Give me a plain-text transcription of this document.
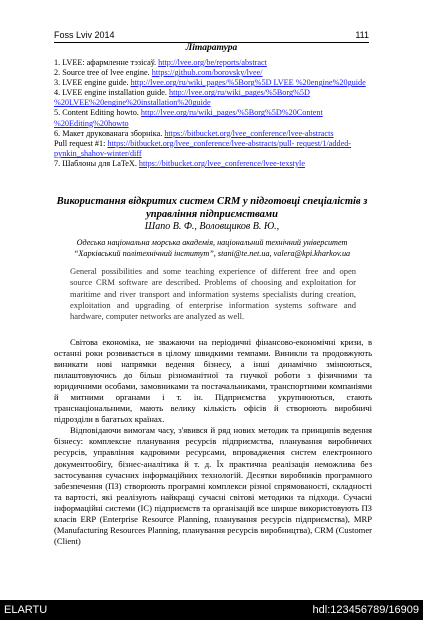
Foss Lviv 2014	111
Літаратура

1. LVEE: афармленне тэзісаў. http://lvee.org/be/reports/abstract

2. Source tree of lvee engine. https://github.com/borovsky/lvee/

3. LVEE engine guide. http://lvee.org/ru/wiki_pages/%5Borg%5D LVEE %20engine%20guide

4. LVEE engine installation guide. http://lvee.org/ru/wiki_pages/%5Borg%5D %20LVEE%20engine%20installation%20guide

5. Content Editing howto. http://lvee.org/ru/wiki_pages/%5Borg%5D%20Content %20Editing%20howto

6. Макет друкованага зборніка. https://bitbucket.org/lvee_conference/lvee-abstracts

Pull request #1: https://bitbucket.org/lvee_conference/lvee-abstracts/pull- request/1/added-pynkin_shahov-winter/diff

7. Шаблоны для LaTeX. https://bitbucket.org/lvee_conference/lvee-texstyle

Використання відкритих систем CRM у підготовці спеціалістів з управління підприємствами
Шапо В. Ф., Воловщиков В. Ю.,
Одеська національна морська академія, національний технічний університет
“Харківський політехнічний інститут”, stani@te.net.ua, valera@kpi.kharkov.ua
General possibilities and some teaching experience of different free and open source CRM software are described. Problems of choosing and exploitation for maritime and river transport and information systems specialists during creation, exploitation and upgrading of enterprise information systems software and hardware, computer networks are analyzed as well.

Світова економіка, не зважаючи на періодичні фінансово-економічні кризи, в останні роки розвивається в цілому швидкими темпами. Виникли та продовжують виникати нові напрямки ведення бізнесу, а інші динамічно змінюються, пилаштовуючись до більш різноманітної та гнучкої роботи з фізичними та юридичними особами, замовниками та постачальниками, транспортними компаніями й митними органами і т. ін. Підприємства укрупнюються, стають транснаціональними, мають велику кількість офісів й створюють виробничі підрозділи в багатьох країнах.

Відповідаючи вимогам часу, з'явився й ряд нових методик та принципів ведення бізнесу: комплексне планування ресурсів підприємства, планування виробничих ресурсів, управління кадровими ресурсами, впровадження систем електронного документообігу, бізнес-аналітика й т. д. Їх практична реалізація неможлива без застосування сучасних інформаційних технологій. Десятки виробників програмного забезпечення (ПЗ) створюють програмні комплекси різної спрямованості, складності та вартості, які реалізують найкращі сучасні світові методики та підходи. Сучасні інформаційні системи (ІС) підприємств та організацій все ширше використовують ПЗ класів ERP (Enterprise Resource Planning, планування ресурсів підприємства), MRP (Manufacturing Resources Planning, планування ресурсів виробництва), CRM (Customer (Client)

ELARTU	hdl:123456789/16909
